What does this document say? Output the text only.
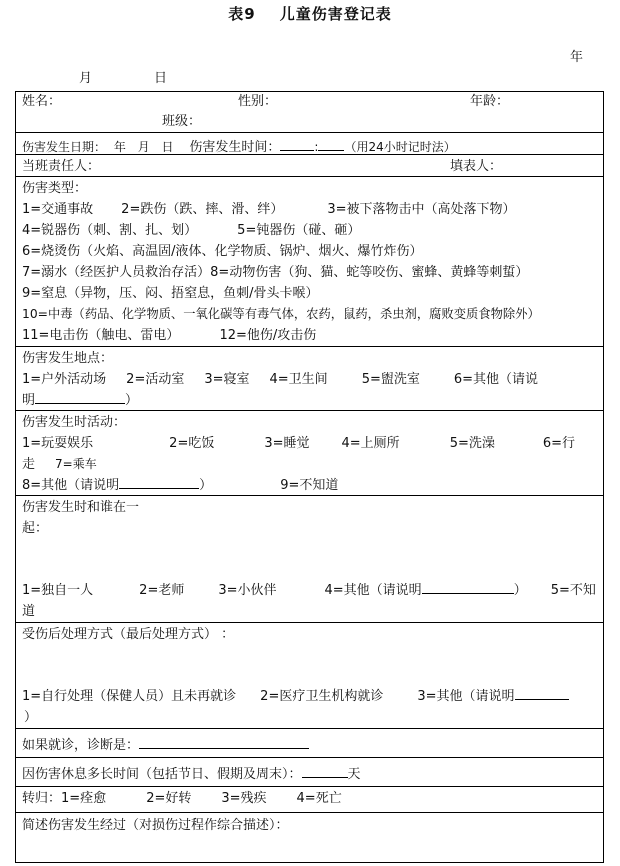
表9 儿童伤害登记表
年
月	日
姓名：	性别：	年龄：
班级：
伤害发生日期： 年 月 日 伤害发生时间：	: （用24小时记时法）
当班责任人：	填表人：
伤害类型：
1=交通事故 2=跌伤（跌、摔、滑、绊）	3=被下落物击中（高处落下物）
4=锐器伤（刺、割、扎、划）	5=钝器伤（碰、砸）
6=烧烫伤（火焰、高温固/液体、化学物质、锅炉、烟火、爆竹炸伤）
7=溺水（经医护人员救治存活）8=动物伤害（狗、猫、蛇等咬伤、蜜蜂、黄蜂等刺蜇）
9=窒息（异物，压、闷、捂窒息，鱼刺/骨头卡喉）
10=中毒（药品、化学物质、一氧化碳等有毒气体，农药，鼠药，杀虫剂，腐败变质食物除外）
11=电击伤（触电、雷电）	12=他伤/攻击伤
伤害发生地点：
1=户外活动场 2=活动室 3=寝室 4=卫生间	5=盥洗室	6=其他（请说
明	）
伤害发生时活动：
1=玩耍娱乐	2=吃饭	3=睡觉 4=上厕所	5=洗澡	6=行
走 7=乘车
8=其他（请说明	）	9=不知道
伤害发生时和谁在一
起：
1=独自一人	2=老师	3=小伙伴	4=其他（请说明	） 5=不知
道
受伤后处理方式（最后处理方式） ：
1=自行处理（保健人员）且未再就诊 2=医疗卫生机构就诊	3=其他（请说明
）
如果就诊，诊断是：
因伤害休息多长时间（包括节日、假期及周末）：	天
转归：1=痊愈	2=好转 3=残疾 4=死亡
简述伤害发生经过（对损伤过程作综合描述）：
